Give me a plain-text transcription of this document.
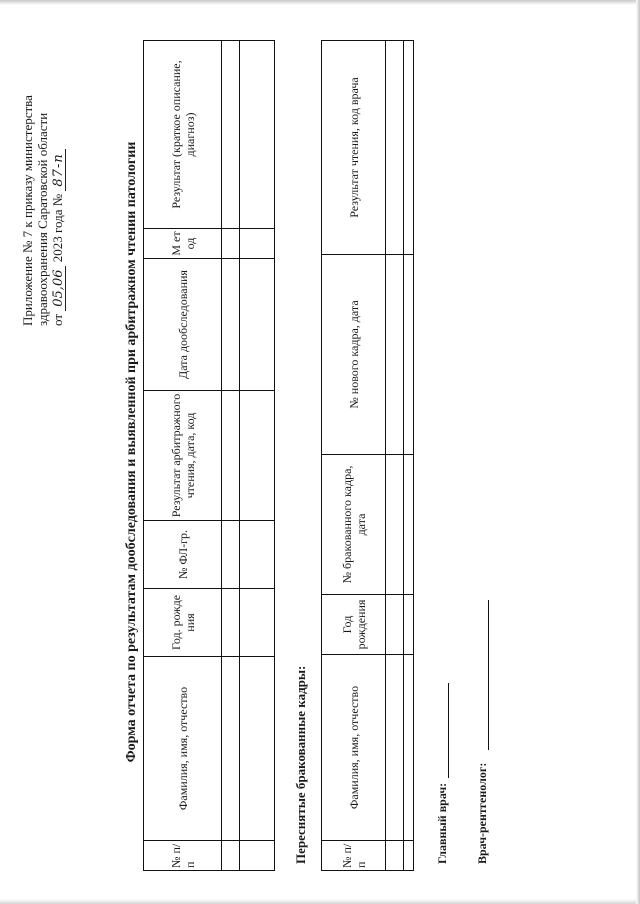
Приложение № 7 к приказу министерства здравоохранения Саратовской области от 05,06 2023 года № 87-п	Форма отчета по результатам дообследования и выявленной при арбитражном чтении патологии
№ п/п	Фамилия, имя, отчество	Год. рожде ния	№ ФЛ-гр.	Результат арбитражного чтения, дата, код	Дата дообследования	М ет од	Результат (краткое описание, диагноз)

Переснятые бракованные кадры:	№ п/п	Фамилия, имя, отчество	Год рождения	№ бракованного кадра, дата	№ нового кадра, дата	Результат чтения, код врача

Главный врач: Врач-рентгенолог:
